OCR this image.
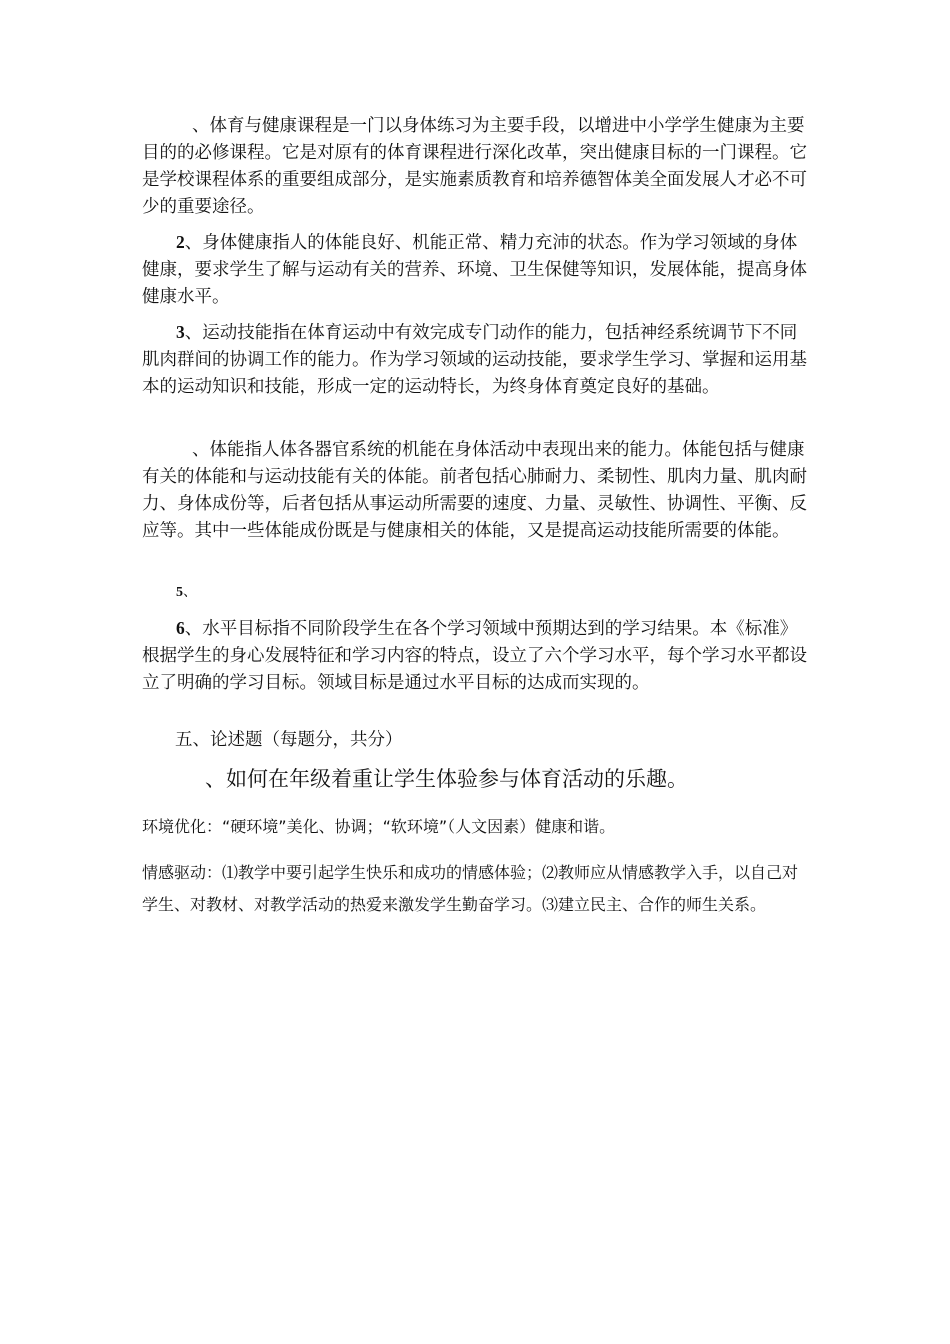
、体育与健康课程是一门以身体练习为主要手段，以增进中小学学生健康为主要目的的必修课程。它是对原有的体育课程进行深化改革，突出健康目标的一门课程。它是学校课程体系的重要组成部分，是实施素质教育和培养德智体美全面发展人才必不可少的重要途径。

2、身体健康指人的体能良好、机能正常、精力充沛的状态。作为学习领域的身体健康，要求学生了解与运动有关的营养、环境、卫生保健等知识，发展体能，提高身体健康水平。

3、运动技能指在体育运动中有效完成专门动作的能力，包括神经系统调节下不同肌肉群间的协调工作的能力。作为学习领域的运动技能，要求学生学习、掌握和运用基本的运动知识和技能，形成一定的运动特长，为终身体育奠定良好的基础。

、体能指人体各器官系统的机能在身体活动中表现出来的能力。体能包括与健康有关的体能和与运动技能有关的体能。前者包括心肺耐力、柔韧性、肌肉力量、肌肉耐力、身体成份等，后者包括从事运动所需要的速度、力量、灵敏性、协调性、平衡、反应等。其中一些体能成份既是与健康相关的体能，又是提高运动技能所需要的体能。

5、

6、水平目标指不同阶段学生在各个学习领域中预期达到的学习结果。本《标准》根据学生的身心发展特征和学习内容的特点，设立了六个学习水平，每个学习水平都设立了明确的学习目标。领域目标是通过水平目标的达成而实现的。

五、论述题（每题分，共分）
、如何在年级着重让学生体验参与体育活动的乐趣。

环境优化：“硬环境”美化、协调；“软环境”（人文因素）健康和谐。

情感驱动：⑴教学中要引起学生快乐和成功的情感体验；⑵教师应从情感教学入手，以自己对学生、对教材、对教学活动的热爱来激发学生勤奋学习。⑶建立民主、合作的师生关系。
